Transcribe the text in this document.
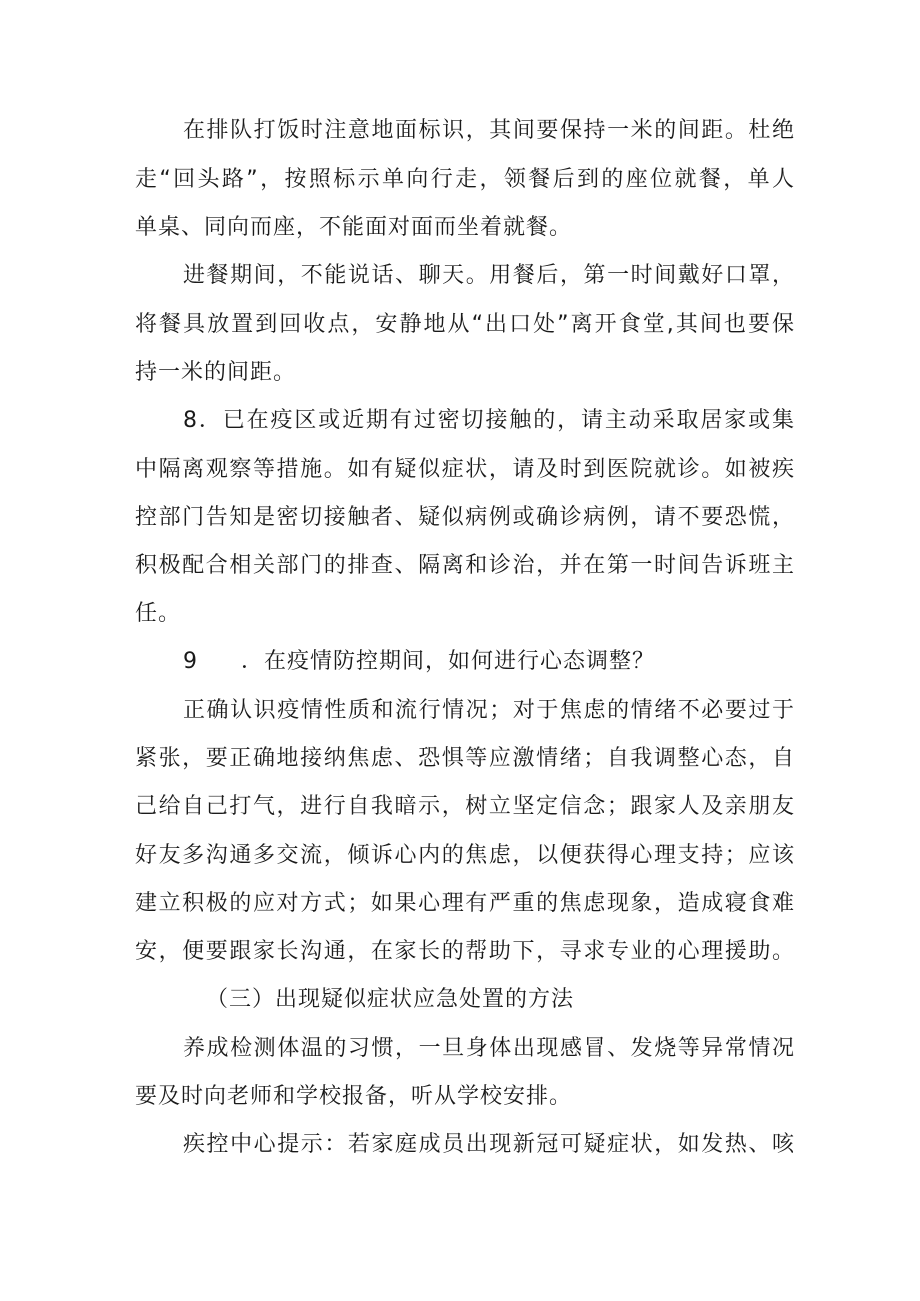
在排队打饭时注意地面标识，其间要保持一米的间距。杜绝
走“回头路”，按照标示单向行走，领餐后到的座位就餐，单人
单桌、同向而座，不能面对面而坐着就餐。
进餐期间，不能说话、聊天。用餐后，第一时间戴好口罩，
将餐具放置到回收点，安静地从“出口处”离开食堂,其间也要保
持一米的间距。
8．已在疫区或近期有过密切接触的，请主动采取居家或集
中隔离观察等措施。如有疑似症状，请及时到医院就诊。如被疾
控部门告知是密切接触者、疑似病例或确诊病例，请不要恐慌，
积极配合相关部门的排查、隔离和诊治，并在第一时间告诉班主
任。
9 ．在疫情防控期间，如何进行心态调整？
正确认识疫情性质和流行情况；对于焦虑的情绪不必要过于
紧张，要正确地接纳焦虑、恐惧等应激情绪；自我调整心态，自
己给自己打气，进行自我暗示，树立坚定信念；跟家人及亲朋友
好友多沟通多交流，倾诉心内的焦虑，以便获得心理支持；应该
建立积极的应对方式；如果心理有严重的焦虑现象，造成寝食难
安，便要跟家长沟通，在家长的帮助下，寻求专业的心理援助。
（三）出现疑似症状应急处置的方法
养成检测体温的习惯，一旦身体出现感冒、发烧等异常情况
要及时向老师和学校报备，听从学校安排。
疾控中心提示：若家庭成员出现新冠可疑症状，如发热、咳
